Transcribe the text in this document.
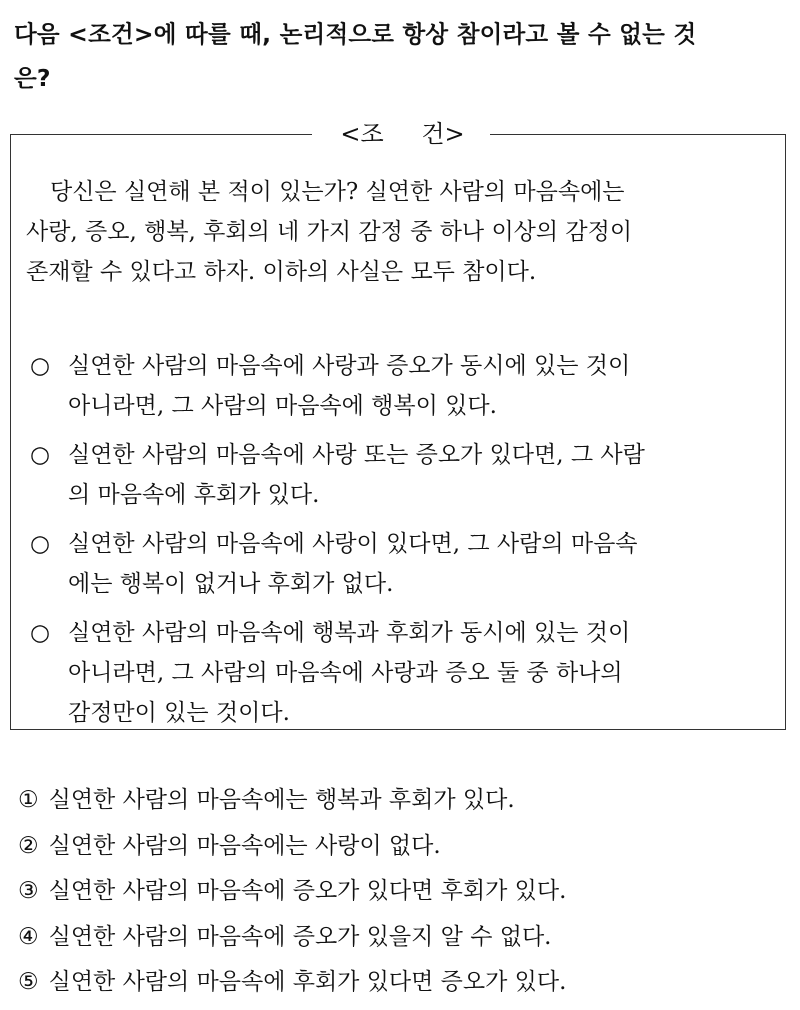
다음 <조건>에 따를 때, 논리적으로 항상 참이라고 볼 수 없는 것
은?
<조 건>
당신은 실연해 본 적이 있는가? 실연한 사람의 마음속에는
사랑, 증오, 행복, 후회의 네 가지 감정 중 하나 이상의 감정이
존재할 수 있다고 하자. 이하의 사실은 모두 참이다.
○ 실연한 사람의 마음속에 사랑과 증오가 동시에 있는 것이
아니라면, 그 사람의 마음속에 행복이 있다.
○ 실연한 사람의 마음속에 사랑 또는 증오가 있다면, 그 사람
의 마음속에 후회가 있다.
○ 실연한 사람의 마음속에 사랑이 있다면, 그 사람의 마음속
에는 행복이 없거나 후회가 없다.
○ 실연한 사람의 마음속에 행복과 후회가 동시에 있는 것이
아니라면, 그 사람의 마음속에 사랑과 증오 둘 중 하나의
감정만이 있는 것이다.
① 실연한 사람의 마음속에는 행복과 후회가 있다.
② 실연한 사람의 마음속에는 사랑이 없다.
③ 실연한 사람의 마음속에 증오가 있다면 후회가 있다.
④ 실연한 사람의 마음속에 증오가 있을지 알 수 없다.
⑤ 실연한 사람의 마음속에 후회가 있다면 증오가 있다.
